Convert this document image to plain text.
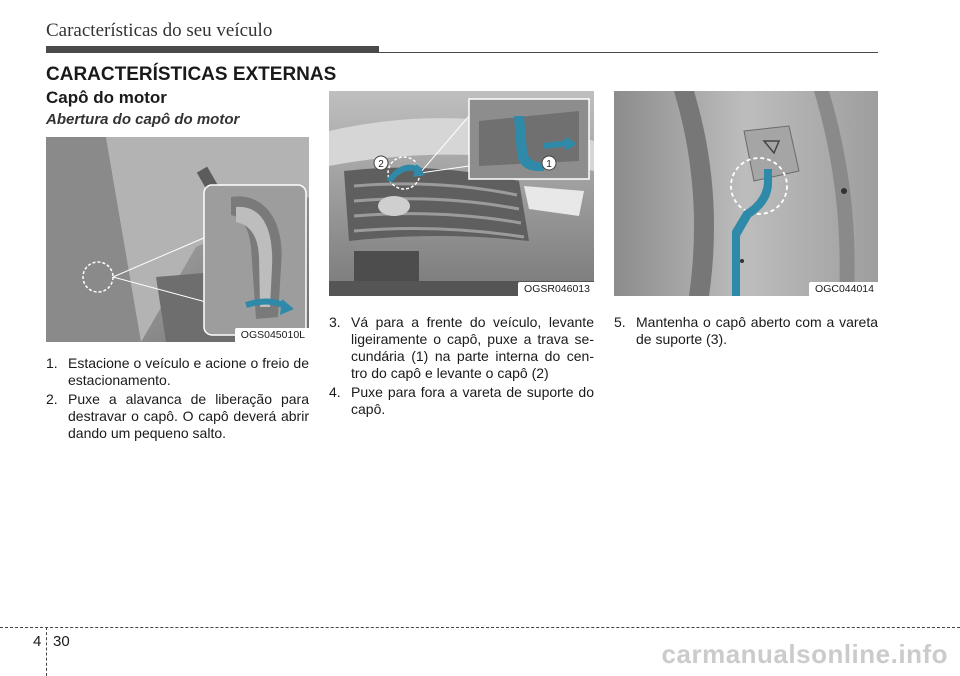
Características do seu veículo
CARACTERÍSTICAS EXTERNAS
Capô do motor
Abertura do capô do motor
OGS045010L
2	1
OGSR046013	OGC044014
1. Estacione o veículo e acione o freio de estacionamento.
2. Puxe a alavanca de liberação para destravar o capô. O capô deverá abrir dando um pequeno salto.
3. Vá para a frente do veículo, levante ligeiramente o capô, puxe a trava se-cundária (1) na parte interna do cen-tro do capô e levante o capô (2)
4. Puxe para fora a vareta de suporte do capô.
5. Mantenha o capô aberto com a vareta de suporte (3).
4 30	carmanualsonline.info
